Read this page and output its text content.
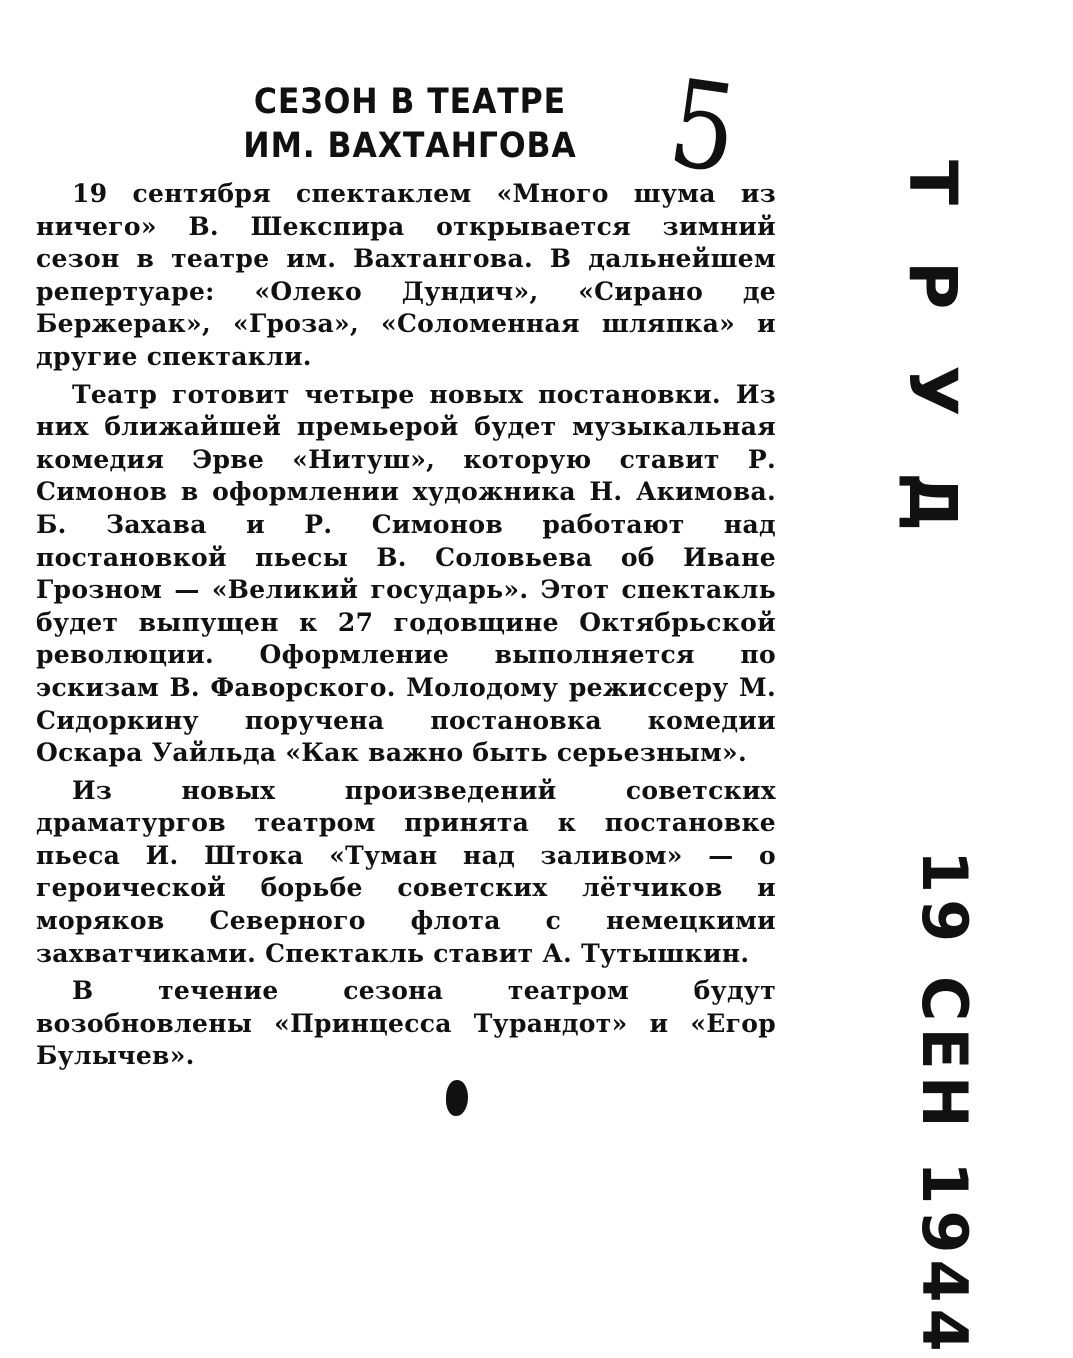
СЕЗОН В ТЕАТРЕ
ИМ. ВАХТАНГОВА 5

19 сентября спектаклем «Много шума из ничего» В. Шекспира открывается зимний сезон в театре им. Вахтангова. В дальнейшем репертуаре: «Олеко Дундич», «Сирано де Бержерак», «Гроза», «Соломенная шляпка» и другие спектакли.

Театр готовит четыре новых постановки. Из них ближайшей премьерой будет музыкальная комедия Эрве «Нитуш», которую ставит Р. Симонов в оформлении художника Н. Акимова. Б. Захава и Р. Симонов работают над постановкой пьесы В. Соловьева об Иване Грозном — «Великий государь». Этот спектакль будет выпущен к 27 годовщине Октябрьской революции. Оформление выполняется по эскизам В. Фаворского. Молодому режиссеру М. Сидоркину поручена постановка комедии Оскара Уайльда «Как важно быть серьезным».

Из новых произведений советских драматургов театром принята к постановке пьеса И. Штока «Туман над заливом» — о героической борьбе советских лётчиков и моряков Северного флота с немецкими захватчиками. Спектакль ставит А. Тутышкин.

В течение сезона театром будут возобновлены «Принцесса Турандот» и «Егор Булычев».

ТРУД
19 СЕН 1944
